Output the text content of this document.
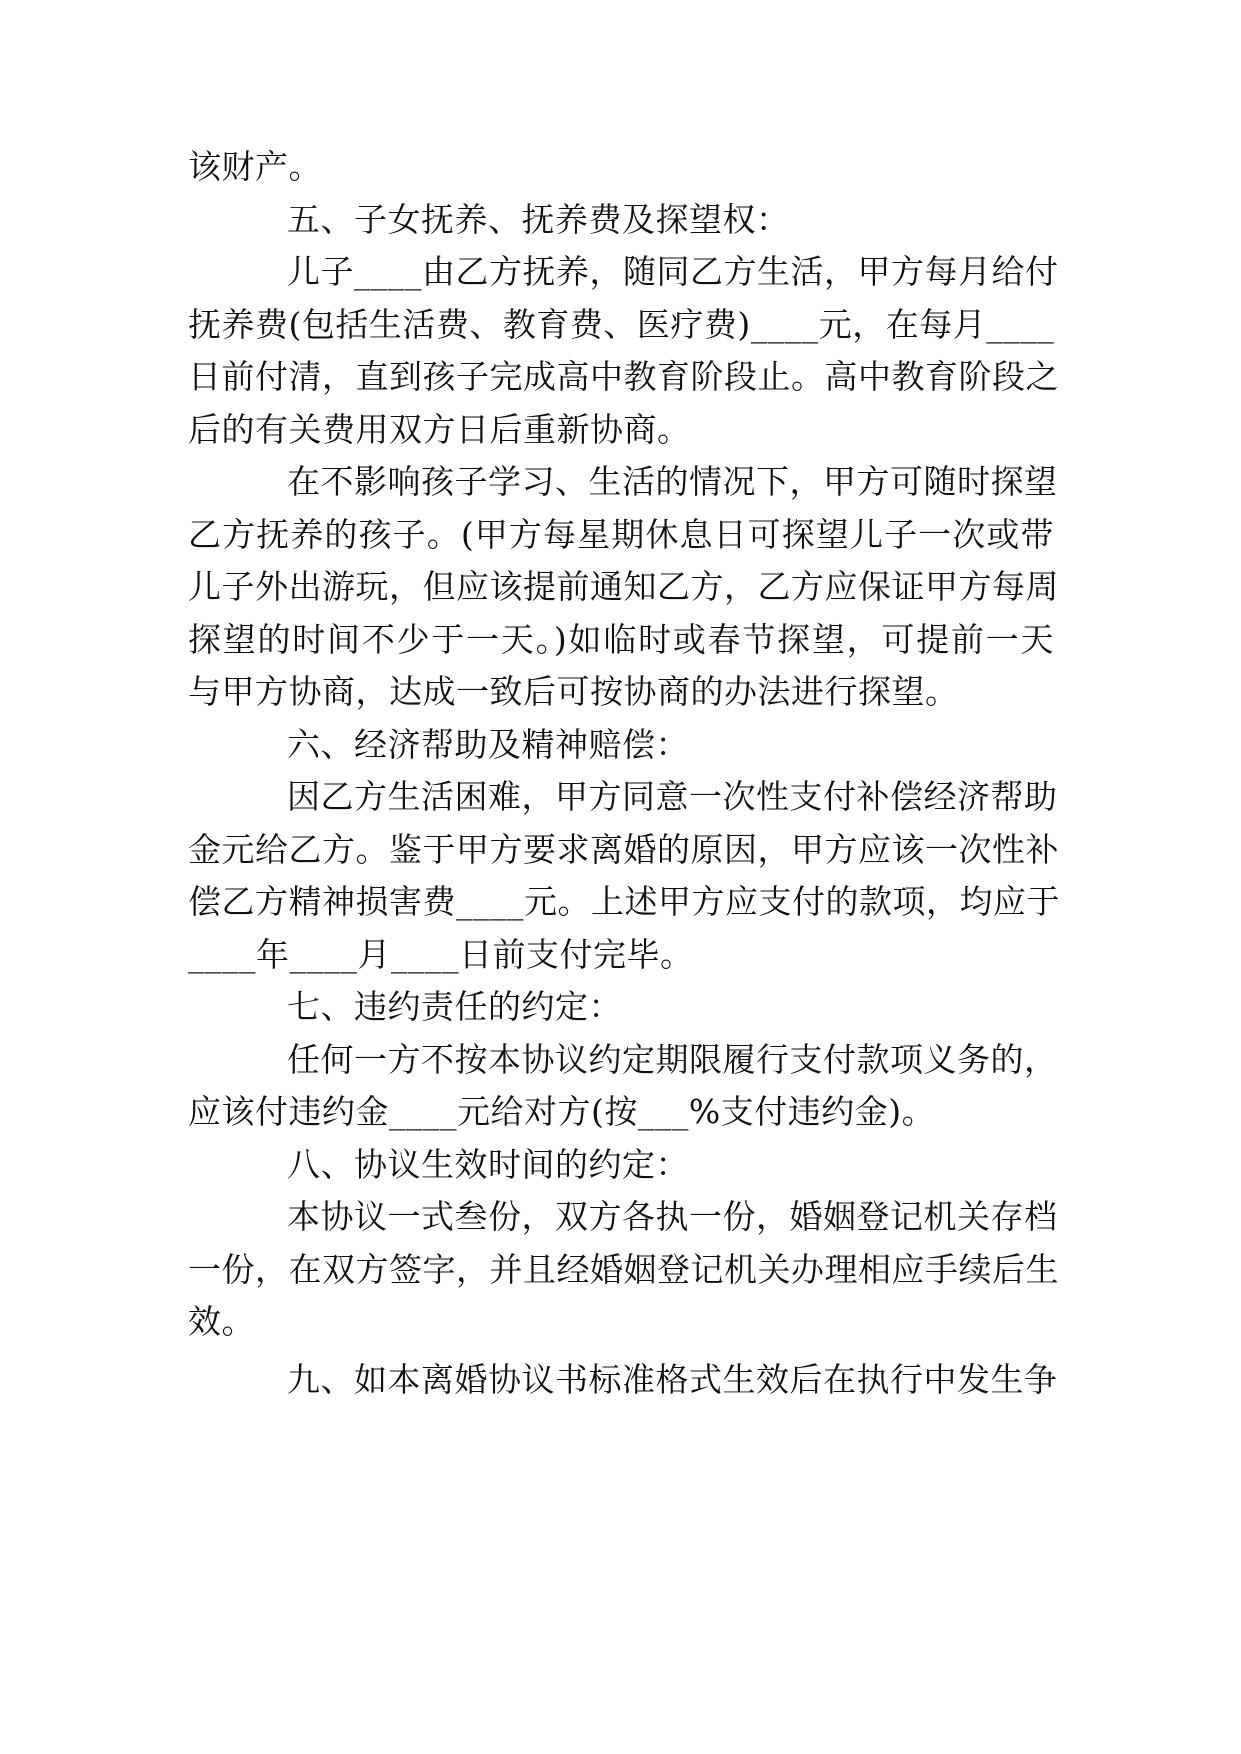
该财产。
五、子女抚养、抚养费及探望权：
儿子____由乙方抚养，随同乙方生活，甲方每月给付
抚养费(包括生活费、教育费、医疗费)____元，在每月____
日前付清，直到孩子完成高中教育阶段止。高中教育阶段之
后的有关费用双方日后重新协商。
在不影响孩子学习、生活的情况下，甲方可随时探望
乙方抚养的孩子。(甲方每星期休息日可探望儿子一次或带
儿子外出游玩，但应该提前通知乙方，乙方应保证甲方每周
探望的时间不少于一天。)如临时或春节探望，可提前一天
与甲方协商，达成一致后可按协商的办法进行探望。
六、经济帮助及精神赔偿：
因乙方生活困难，甲方同意一次性支付补偿经济帮助
金元给乙方。鉴于甲方要求离婚的原因，甲方应该一次性补
偿乙方精神损害费____元。上述甲方应支付的款项，均应于
____年____月____日前支付完毕。
七、违约责任的约定：
任何一方不按本协议约定期限履行支付款项义务的，
应该付违约金____元给对方(按___%支付违约金)。
八、协议生效时间的约定：
本协议一式叁份，双方各执一份，婚姻登记机关存档
一份，在双方签字，并且经婚姻登记机关办理相应手续后生
效。
九、如本离婚协议书标准格式生效后在执行中发生争
